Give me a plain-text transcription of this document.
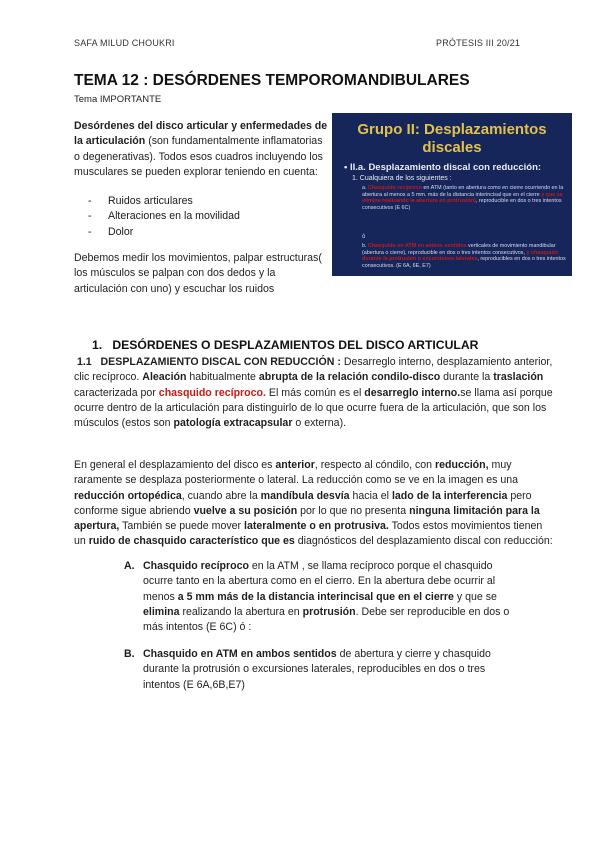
SAFA MILUD CHOUKRI	PRÓTESIS III 20/21
TEMA 12 : DESÓRDENES TEMPOROMANDIBULARES
Tema IMPORTANTE
Desórdenes del disco articular y enfermedades de la articulación (son fundamentalmente inflamatorias o degenerativas). Todos esos cuadros incluyendo los musculares se pueden explorar teniendo en cuenta:
- Ruidos articulares
- Alteraciones en la movilidad
- Dolor
Debemos medir los movimientos, palpar estructuras( los músculos se palpan con dos dedos y la articulación con uno) y escuchar los ruidos
Grupo II: Desplazamientos
discales
• II.a. Desplazamiento discal con reducción:
1. Cualquiera de los siguientes :
a. Chasquido recíproco en ATM (tanto en abertura como en cierre ocurriendo en la abertura al menos a 5 mm. más de la distancia interincisal que en el cierre y que se elimina realizando la abertura en protrusión), reproducible en dos o tres intentos consecutivos (E 6C)
ó
b. Chasquido en ATM en ambos sentidos verticales de movimiento mandibular (abertura o cierre), reproducible en dos o tres intentos consecutivos, y chasquido durante la protrusión o excursiones laterales, reproducibles en dos o tres intentos consecutivos. (E 6A, 6E, E7)
1. DESÓRDENES O DESPLAZAMIENTOS DEL DISCO ARTICULAR
1.1 DESPLAZAMIENTO DISCAL CON REDUCCIÓN : Desarreglo interno, desplazamiento anterior, clic recíproco. Aleación habitualmente abrupta de la relación condilo-disco durante la traslación caracterizada por chasquido recíproco. El más común es el desarreglo interno.se llama así porque ocurre dentro de la articulación para distinguirlo de lo que ocurre fuera de la articulación, que son los músculos (estos son patología extracapsular o externa).
En general el desplazamiento del disco es anterior, respecto al cóndilo, con reducción, muy raramente se desplaza posteriormente o lateral. La reducción como se ve en la imagen es una reducción ortopédica, cuando abre la mandíbula desvía hacia el lado de la interferencia pero conforme sigue abriendo vuelve a su posición por lo que no presenta ninguna limitación para la apertura, También se puede mover lateralmente o en protrusiva. Todos estos movimientos tienen un ruido de chasquido característico que es diagnósticos del desplazamiento discal con reducción:
A. Chasquido recíproco en la ATM , se llama recíproco porque el chasquido ocurre tanto en la abertura como en el cierro. En la abertura debe ocurrir al menos a 5 mm más de la distancia interincisal que en el cierre y que se elimina realizando la abertura en protrusión. Debe ser reproducible en dos o más intentos (E 6C) ó :
B. Chasquido en ATM en ambos sentidos de abertura y cierre y chasquido durante la protrusión o excursiones laterales, reproducibles en dos o tres intentos (E 6A,6B,E7)
